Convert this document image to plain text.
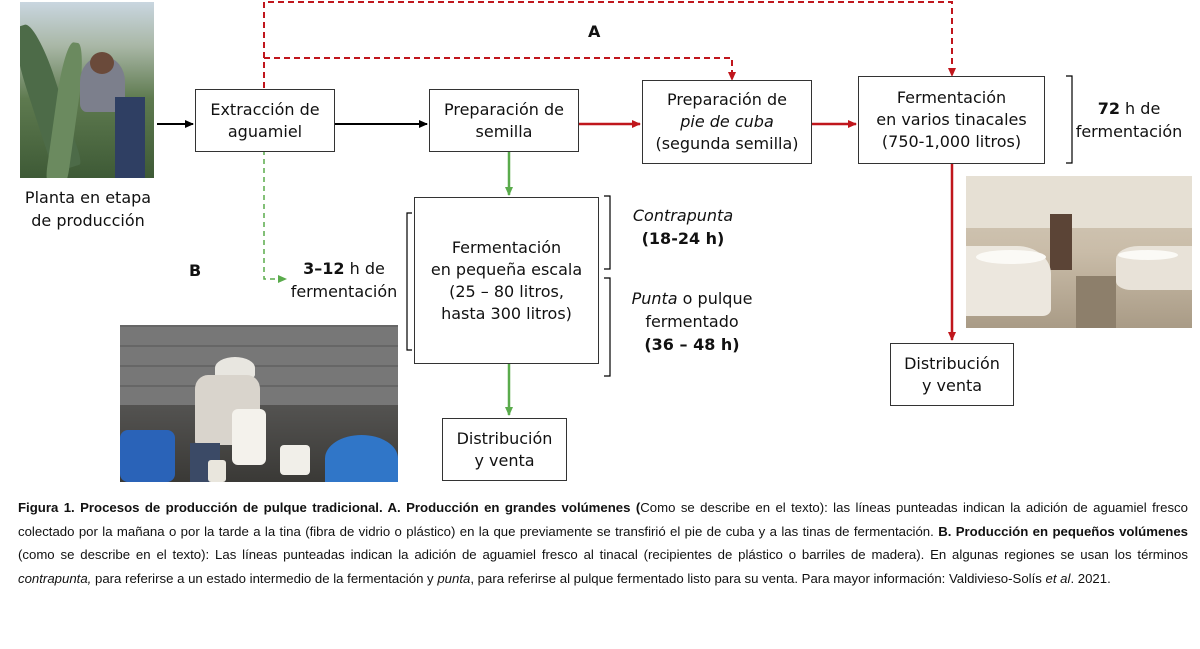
A
B
Planta en etapa
de producción
Extracción de
aguamiel
Preparación de
semilla
Preparación de
pie de cuba
(segunda semilla)
Fermentación
en varios tinacales
(750-1,000 litros)
Fermentación
en pequeña escala
(25 – 80 litros,
hasta 300 litros)
Distribución
y venta
Distribución
y venta
72 h de
fermentación
3–12 h de
fermentación
Contrapunta
(18-24 h)
Punta o pulque
fermentado
(36 – 48 h)
Figura 1. Procesos de producción de pulque tradicional. A. Producción en grandes volúmenes (Como se describe en el texto): las líneas punteadas indican la adición de aguamiel fresco colectado por la mañana o por la tarde a la tina (fibra de vidrio o plástico) en la que previamente se transfirió el pie de cuba y a las tinas de fermentación. B. Producción en pequeños volúmenes (como se describe en el texto): Las líneas punteadas indican la adición de aguamiel fresco al tinacal (recipientes de plástico o barriles de madera). En algunas regiones se usan los términos contrapunta, para referirse a un estado intermedio de la fermentación y punta, para referirse al pulque fermentado listo para su venta. Para mayor información: Valdivieso-Solís et al. 2021.
